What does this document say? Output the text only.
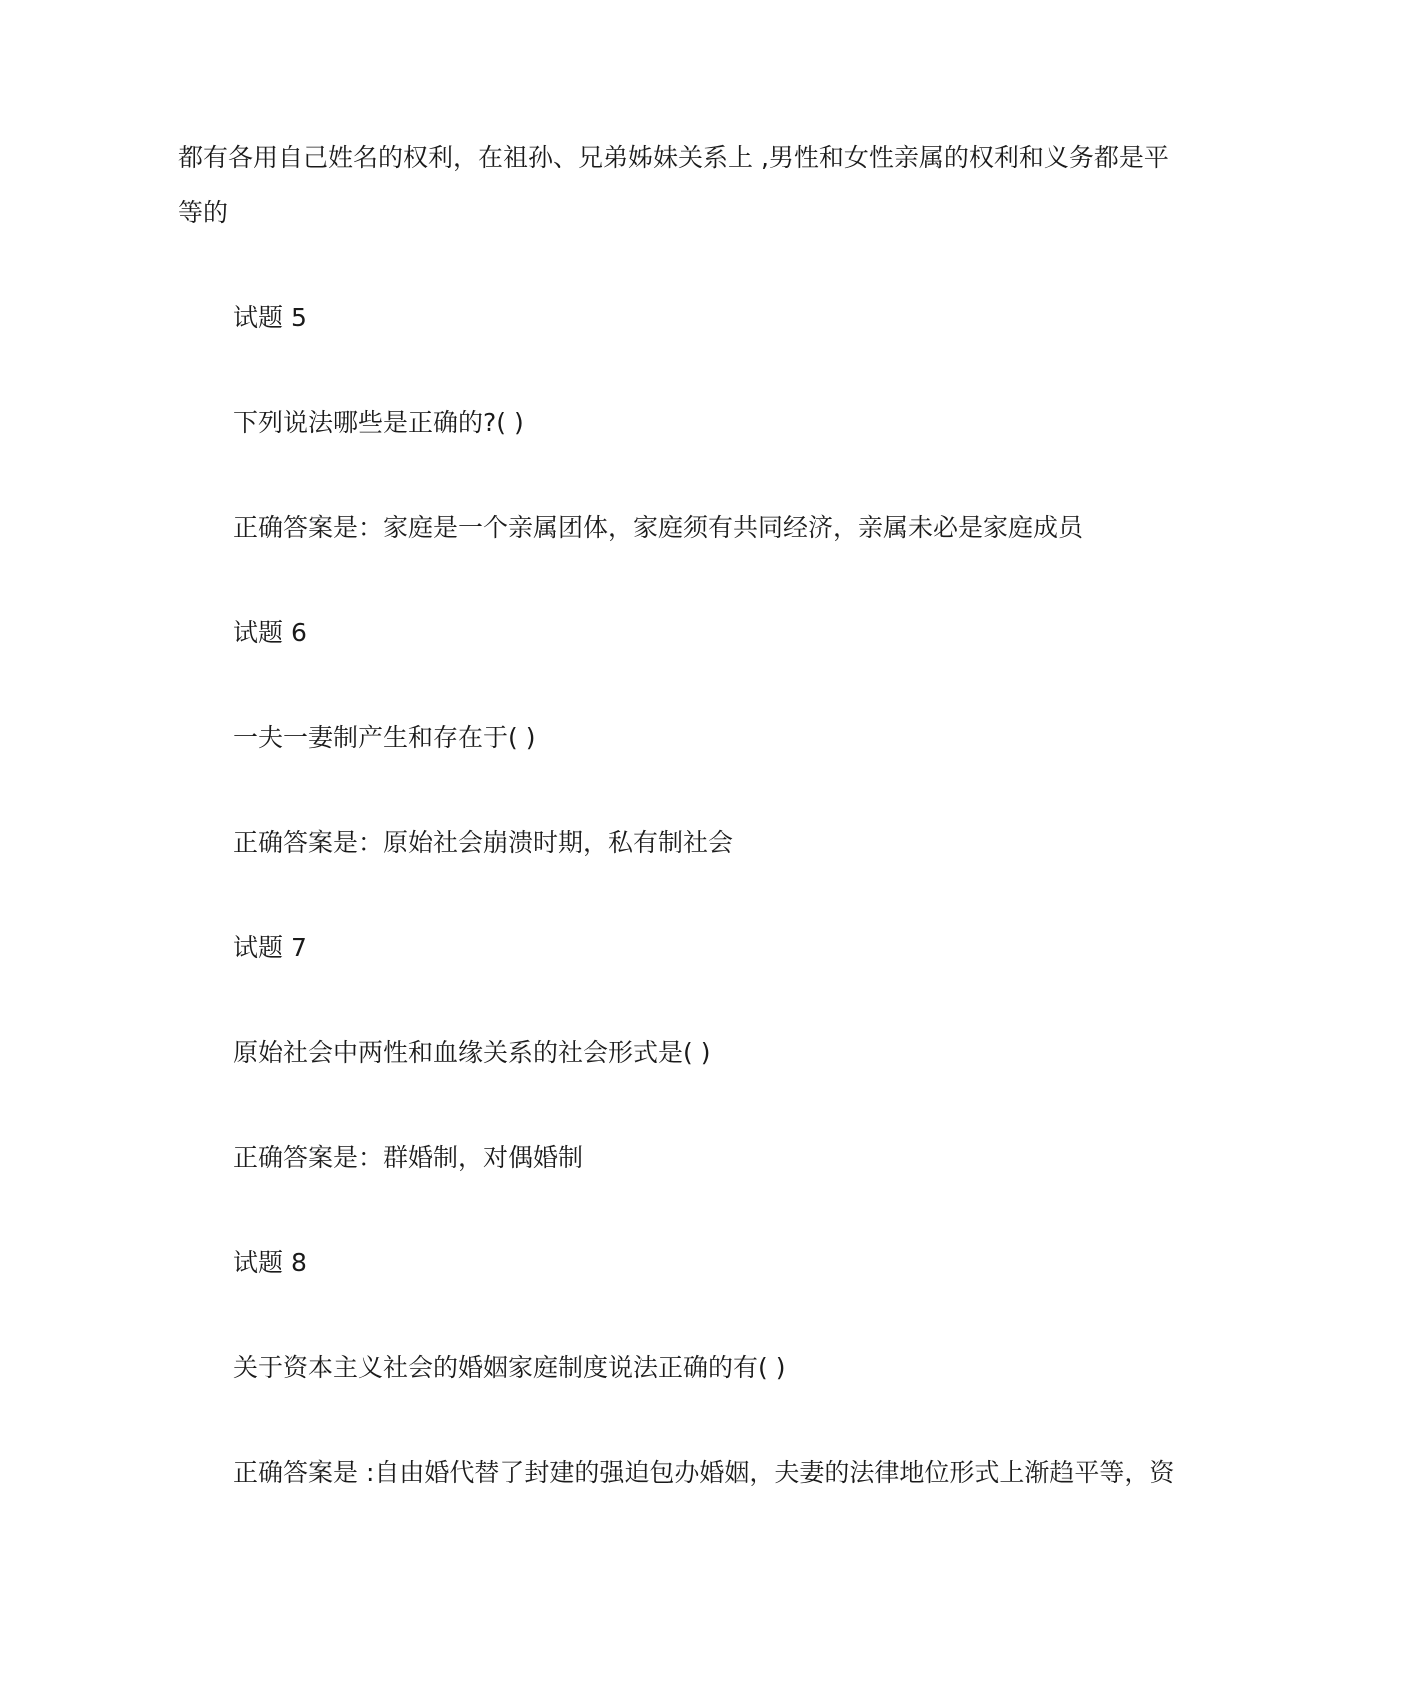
都有各用自己姓名的权利，在祖孙、兄弟姊妹关系上 ,男性和女性亲属的权利和义务都是平

等的

试题 5

下列说法哪些是正确的?( )

正确答案是：家庭是一个亲属团体，家庭须有共同经济，亲属未必是家庭成员

试题 6

一夫一妻制产生和存在于( )

正确答案是：原始社会崩溃时期，私有制社会

试题 7

原始社会中两性和血缘关系的社会形式是( )

正确答案是：群婚制，对偶婚制

试题 8

关于资本主义社会的婚姻家庭制度说法正确的有( )

正确答案是 :自由婚代替了封建的强迫包办婚姻，夫妻的法律地位形式上渐趋平等，资
